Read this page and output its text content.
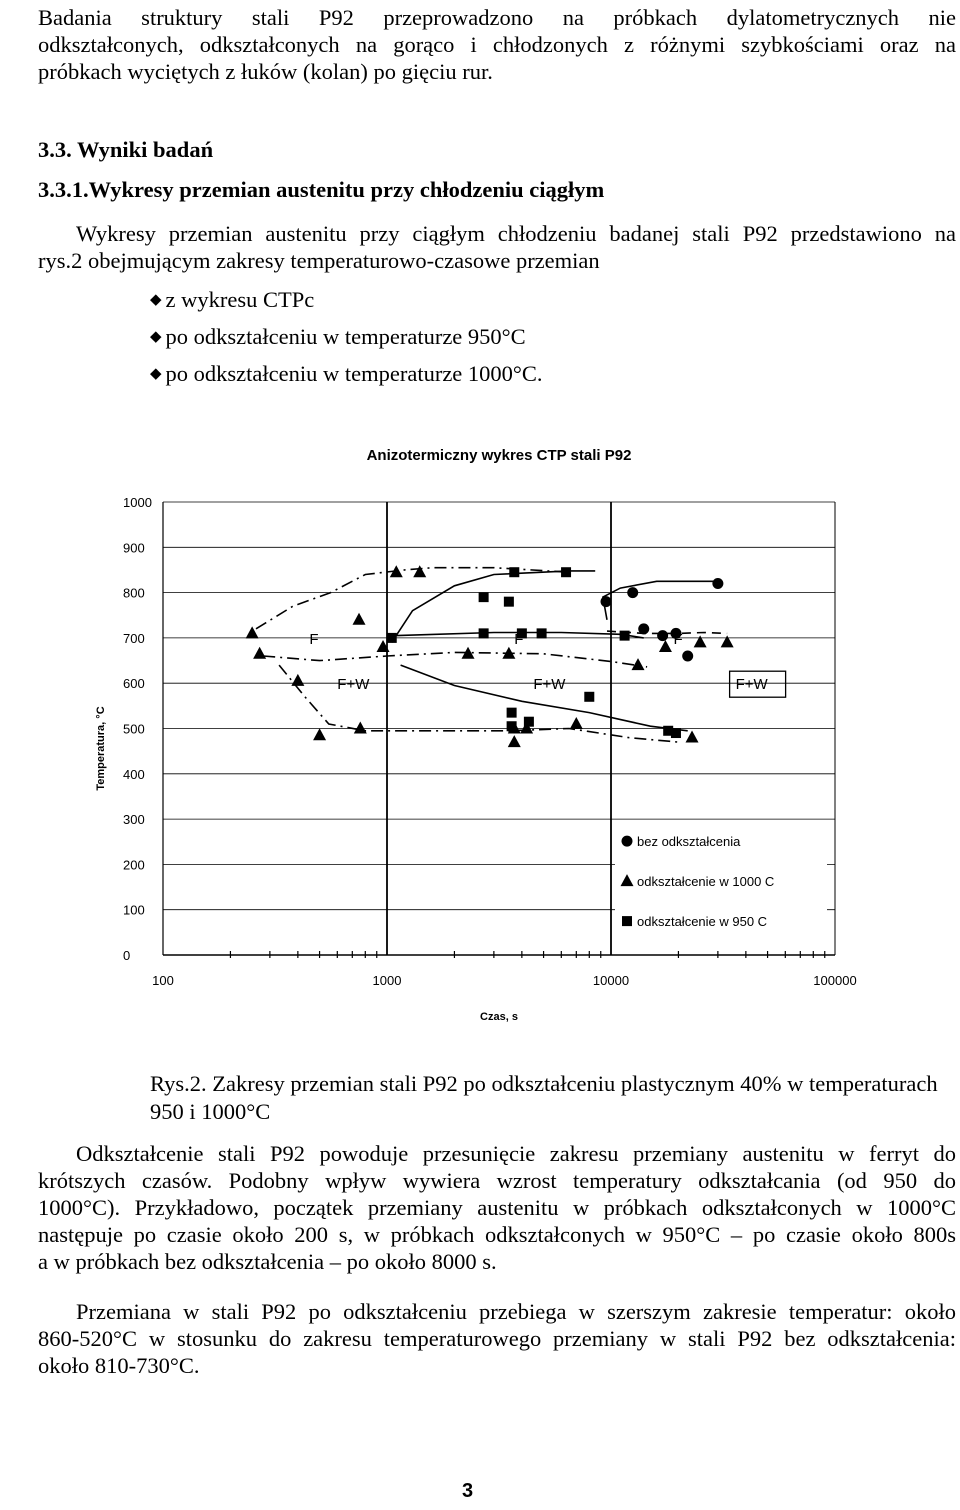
Badania struktury stali P92 przeprowadzono na próbkach dylatometrycznych nie
odkształconych, odkształconych na gorąco i chłodzonych z różnymi szybkościami oraz na
próbkach wyciętych z łuków (kolan) po gięciu rur.
3.3. Wyniki badań
3.3.1.Wykresy przemian austenitu przy chłodzeniu ciągłym
Wykresy przemian austenitu przy ciągłym chłodzeniu badanej stali P92 przedstawiono na
rys.2 obejmującym zakresy temperaturowo-czasowe przemian
◆ z wykresu CTPc
◆ po odkształceniu w temperaturze 950°C
◆ po odkształceniu w temperaturze 1000°C.
Anizotermiczny wykres CTP stali P92
0
100
200
300
400
500
600
700
800
900
1000
100	1000	10000	100000
Czas, s
Temperatura, °C
F	F	F
F+W	F+W	F+W
bez odkształcenia
odkształcenie w 1000 C
odkształcenie w 950 C
Rys.2. Zakresy przemian stali P92 po odkształceniu plastycznym 40% w temperaturach
950 i 1000°C
Odkształcenie stali P92 powoduje przesunięcie zakresu przemiany austenitu w ferryt do
krótszych czasów. Podobny wpływ wywiera wzrost temperatury odkształcania (od 950 do
1000°C). Przykładowo, początek przemiany austenitu w próbkach odkształconych w 1000°C
następuje po czasie około 200 s, w próbkach odkształconych w 950°C – po czasie około 800s
a w próbkach bez odkształcenia – po około 8000 s.
Przemiana w stali P92 po odkształceniu przebiega w szerszym zakresie temperatur: około
860-520°C w stosunku do zakresu temperaturowego przemiany w stali P92 bez odkształcenia:
około 810-730°C.
3
